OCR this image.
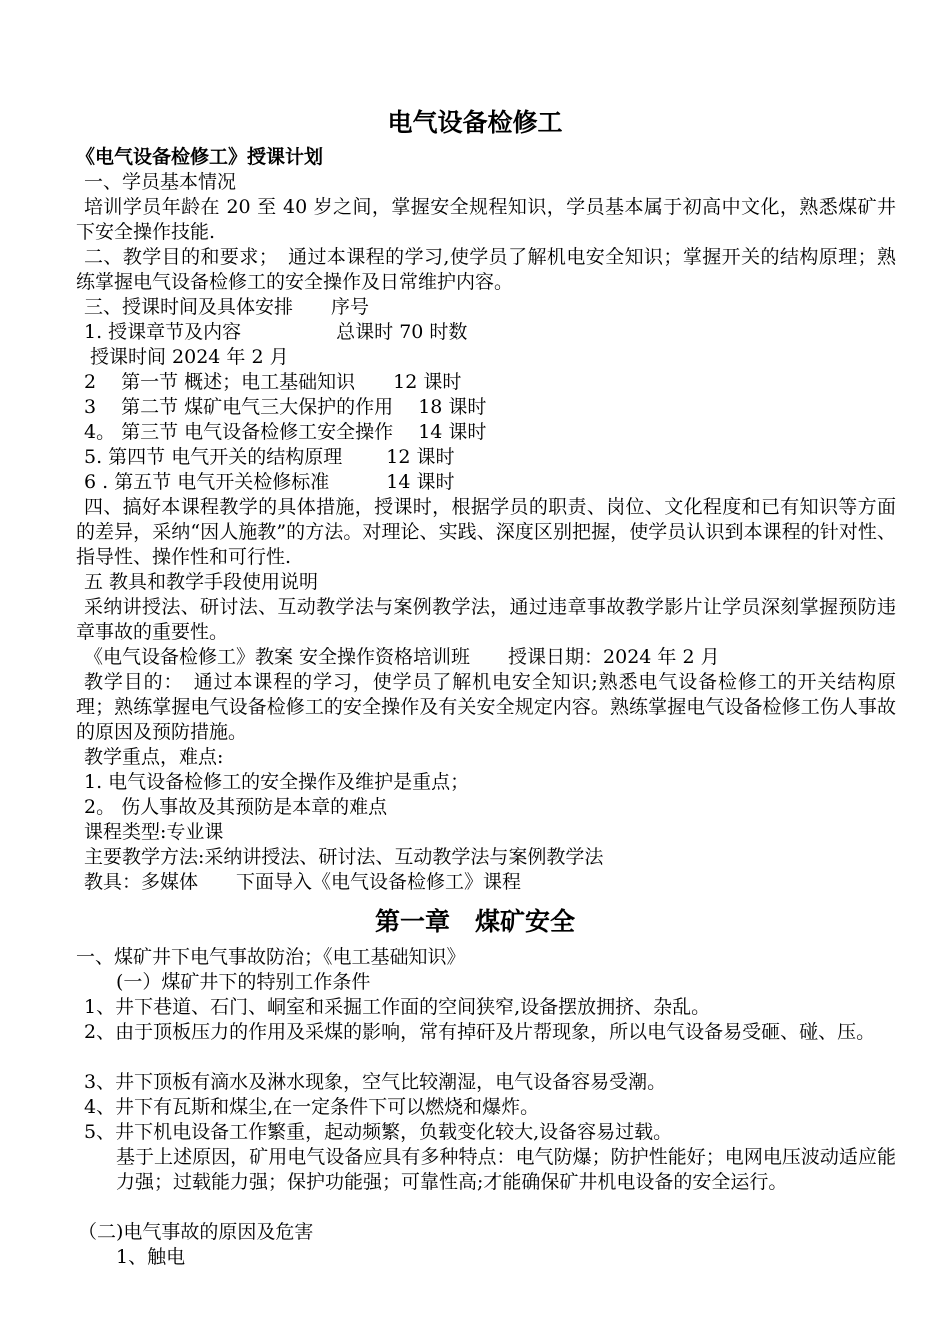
电气设备检修工
《电气设备检修工》授课计划
一、学员基本情况
培训学员年龄在 20 至 40 岁之间，掌握安全规程知识，学员基本属于初高中文化，熟悉煤矿井下安全操作技能.
二、教学目的和要求；　通过本课程的学习,使学员了解机电安全知识；掌握开关的结构原理；熟练掌握电气设备检修工的安全操作及日常维护内容。
三、授课时间及具体安排　　序号
1. 授课章节及内容　　　　　总课时 70 时数
授课时间 2024 年 2 月
2　 第一节 概述；电工基础知识　　12 课时
3　 第二节 煤矿电气三大保护的作用　 18 课时
4。 第三节 电气设备检修工安全操作　 14 课时
5. 第四节 电气开关的结构原理　　 12 课时
6 . 第五节 电气开关检修标准　　　14 课时
四、搞好本课程教学的具体措施，授课时，根据学员的职责、岗位、文化程度和已有知识等方面的差异，采纳“因人施教”的方法。对理论、实践、深度区别把握，使学员认识到本课程的针对性、指导性、操作性和可行性.
五 教具和教学手段使用说明
采纳讲授法、研讨法、互动教学法与案例教学法，通过违章事故教学影片让学员深刻掌握预防违章事故的重要性。
《电气设备检修工》教案 安全操作资格培训班　　授课日期：2024 年 2 月
教学目的：　通过本课程的学习，使学员了解机电安全知识;熟悉电气设备检修工的开关结构原理；熟练掌握电气设备检修工的安全操作及有关安全规定内容。熟练掌握电气设备检修工伤人事故的原因及预防措施。
教学重点，难点:
1. 电气设备检修工的安全操作及维护是重点；
2。 伤人事故及其预防是本章的难点
课程类型:专业课
主要教学方法:采纳讲授法、研讨法、互动教学法与案例教学法
教具：多媒体　　下面导入《电气设备检修工》课程
第一章　煤矿安全
一、煤矿井下电气事故防治；《电工基础知识》
(一）煤矿井下的特别工作条件
1、井下巷道、石门、峒室和采掘工作面的空间狭窄,设备摆放拥挤、杂乱。
2、由于顶板压力的作用及采煤的影响，常有掉矸及片帮现象，所以电气设备易受砸、碰、压。
3、井下顶板有滴水及淋水现象，空气比较潮湿，电气设备容易受潮。
4、井下有瓦斯和煤尘,在一定条件下可以燃烧和爆炸。
5、井下机电设备工作繁重，起动频繁，负载变化较大,设备容易过载。
基于上述原因，矿用电气设备应具有多种特点：电气防爆；防护性能好；电网电压波动适应能力强；过载能力强；保护功能强；可靠性高;才能确保矿井机电设备的安全运行。
（二)电气事故的原因及危害
1、触电
